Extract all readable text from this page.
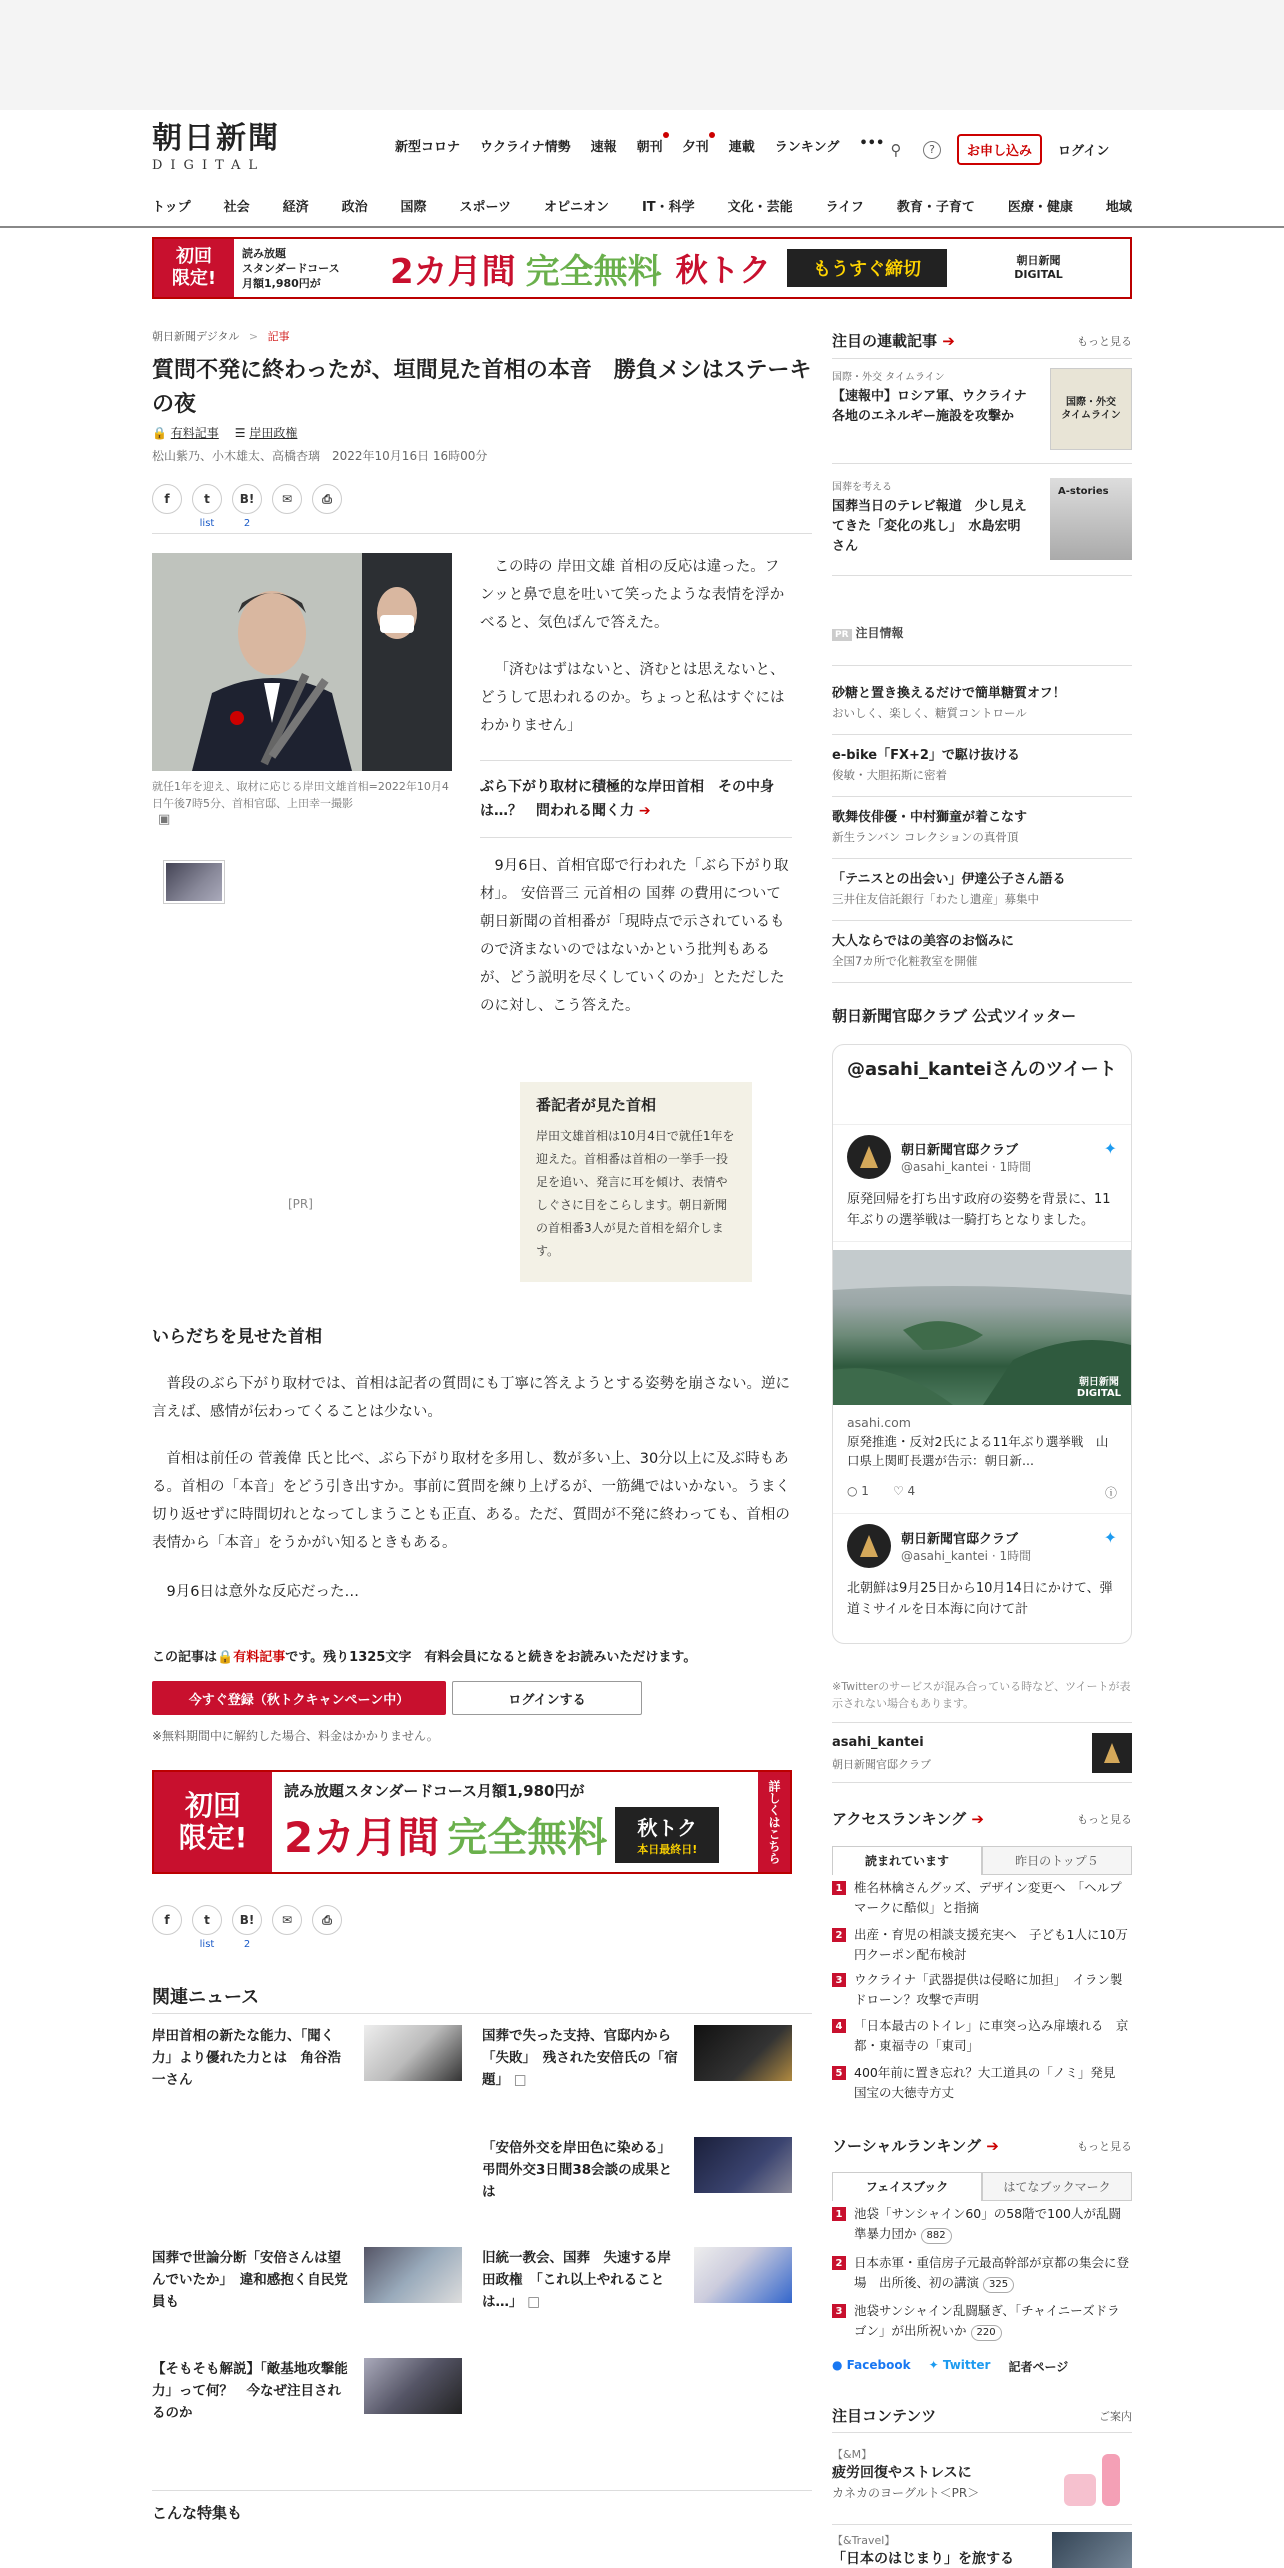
朝日新聞
DIGITAL
新型コロナ ウクライナ情勢 速報 朝刊 夕刊 連載 ランキング ••• ⚲	?	お申し込み	ログイン
トップ	社会	経済	政治	国際	スポーツ	オピニオン	IT・科学	文化・芸能	ライフ	教育・子育て	医療・健康	地域
初回
限定!
読み放題
スタンダードコース
月額1,980円が	2カ月間 完全無料 秋トク	もうすぐ締切	朝日新聞
DIGITAL
朝日新聞デジタル > 記事
質問不発に終わったが、垣間見た首相の本音　勝負メシはステーキの夜
🔒 有料記事 ☰ 岸田政権
松山紫乃、小木雄太、高橋杏璃　2022年10月16日 16時00分
f	t
list
B!
2
✉	⎙
就任1年を迎え、取材に応じる岸田文雄首相=2022年10月4日午後7時5分、首相官邸、上田幸一撮影
▣
[PR]

この時の 岸田文雄 首相の反応は違った。フンッと鼻で息を吐いて笑ったような表情を浮かべると、気色ばんで答えた。

「済むはずはないと、済むとは思えないと、どうして思われるのか。ちょっと私はすぐにはわかりません」

ぶら下がり取材に積極的な岸田首相　その中身は…？　問われる聞く力 ➔

9月6日、首相官邸で行われた「ぶら下がり取材」。 安倍晋三 元首相の 国葬 の費用について朝日新聞の首相番が「現時点で示されているもので済まないのではないかという批判もあるが、どう説明を尽くしていくのか」とただしたのに対し、こう答えた。

番記者が見た首相
岸田文雄首相は10月4日で就任1年を迎えた。首相番は首相の一挙手一投足を追い、発言に耳を傾け、表情やしぐさに目をこらします。朝日新聞の首相番3人が見た首相を紹介します。
いらだちを見せた首相

普段のぶら下がり取材では、首相は記者の質問にも丁寧に答えようとする姿勢を崩さない。逆に言えば、感情が伝わってくることは少ない。

首相は前任の 菅義偉 氏と比べ、ぶら下がり取材を多用し、数が多い上、30分以上に及ぶ時もある。首相の「本音」をどう引き出すか。事前に質問を練り上げるが、一筋縄ではいかない。うまく切り返せずに時間切れとなってしまうことも正直、ある。ただ、質問が不発に終わっても、首相の表情から「本音」をうかがい知るときもある。

9月6日は意外な反応だった…

この記事は🔒有料記事です。残り1325文字　有料会員になると続きをお読みいただけます。
今すぐ登録（秋トクキャンペーン中）	ログインする
※無料期間中に解約した場合、料金はかかりません。
初回
限定!
読み放題スタンダードコース月額1,980円が
2カ月間 完全無料 秋トク
本日最終日!	詳しくはこちら
f	t
list
B!
2
✉	⎙
関連ニュース
岸田首相の新たな能力、「聞く力」より優れた力とは　角谷浩一さん
国葬で失った支持、官邸内から「失敗」　残された安倍氏の「宿題」 □
「安倍外交を岸田色に染める」　弔問外交3日間38会談の成果とは
国葬で世論分断「安倍さんは望んでいたか」　違和感抱く自民党員も
旧統一教会、国葬　失速する岸田政権　「これ以上やれることは…」 □
【そもそも解説】「敵基地攻撃能力」って何？　今なぜ注目されるのか
こんな特集も
注目の連載記事 ➔	もっと見る
国際・外交 タイムライン
【速報中】ロシア軍、ウクライナ各地のエネルギー施設を攻撃か
国際・外交
タイムライン
国葬を考える
国葬当日のテレビ報道　少し見えてきた「変化の兆し」　水島宏明さん
A-stories
PR 注目情報
砂糖と置き換えるだけで簡単糖質オフ！
おいしく、楽しく、糖質コントロール
e-bike「FX+2」で駆け抜ける
俊敏・大胆拓斯に密着
歌舞伎俳優・中村獅童が着こなす
新生ランバン コレクションの真骨頂
「テニスとの出会い」伊達公子さん語る
三井住友信託銀行「わたし遺産」募集中
大人ならではの美容のお悩みに
全国7カ所で化粧教室を開催
朝日新聞官邸クラブ 公式ツイッター
@asahi_kanteiさんのツイート
朝日新聞官邸クラブ
@asahi_kantei · 1時間
✦
原発回帰を打ち出す政府の姿勢を背景に、11年ぶりの選挙戦は一騎打ちとなりました。
朝日新聞
DIGITAL
asahi.com
原発推進・反対2氏による11年ぶり選挙戦　山口県上関町長選が告示：朝日新...
○ 1 ♡ 4	ⓘ
朝日新聞官邸クラブ
@asahi_kantei · 1時間
✦
北朝鮮は9月25日から10月14日にかけて、弾道ミサイルを日本海に向けて計
※Twitterのサービスが混み合っている時など、ツイートが表示されない場合もあります。
asahi_kantei
朝日新聞官邸クラブ
アクセスランキング ➔	もっと見る
読まれています	昨日のトップ５
1 椎名林檎さんグッズ、デザイン変更へ　「ヘルプマークに酷似」と指摘
2 出産・育児の相談支援充実へ　子ども1人に10万円クーポン配布検討
3 ウクライナ「武器提供は侵略に加担」　イラン製ドローン？攻撃で声明
4 「日本最古のトイレ」に車突っ込み扉壊れる　京都・東福寺の「東司」
5 400年前に置き忘れ？大工道具の「ノミ」発見　国宝の大徳寺方丈
ソーシャルランキング ➔	もっと見る
フェイスブック	はてなブックマーク
1 池袋「サンシャイン60」の58階で100人が乱闘　準暴力団か 882
2 日本赤軍・重信房子元最高幹部が京都の集会に登場　出所後、初の講演 325
3 池袋サンシャイン乱闘騒ぎ、「チャイニーズドラゴン」が出所祝いか 220
● Facebook ✦ Twitter 記者ページ
注目コンテンツ	ご案内
【&M】
疲労回復やストレスに
カネカのヨーグルト＜PR＞
【&Travel】
「日本のはじまり」を旅する
